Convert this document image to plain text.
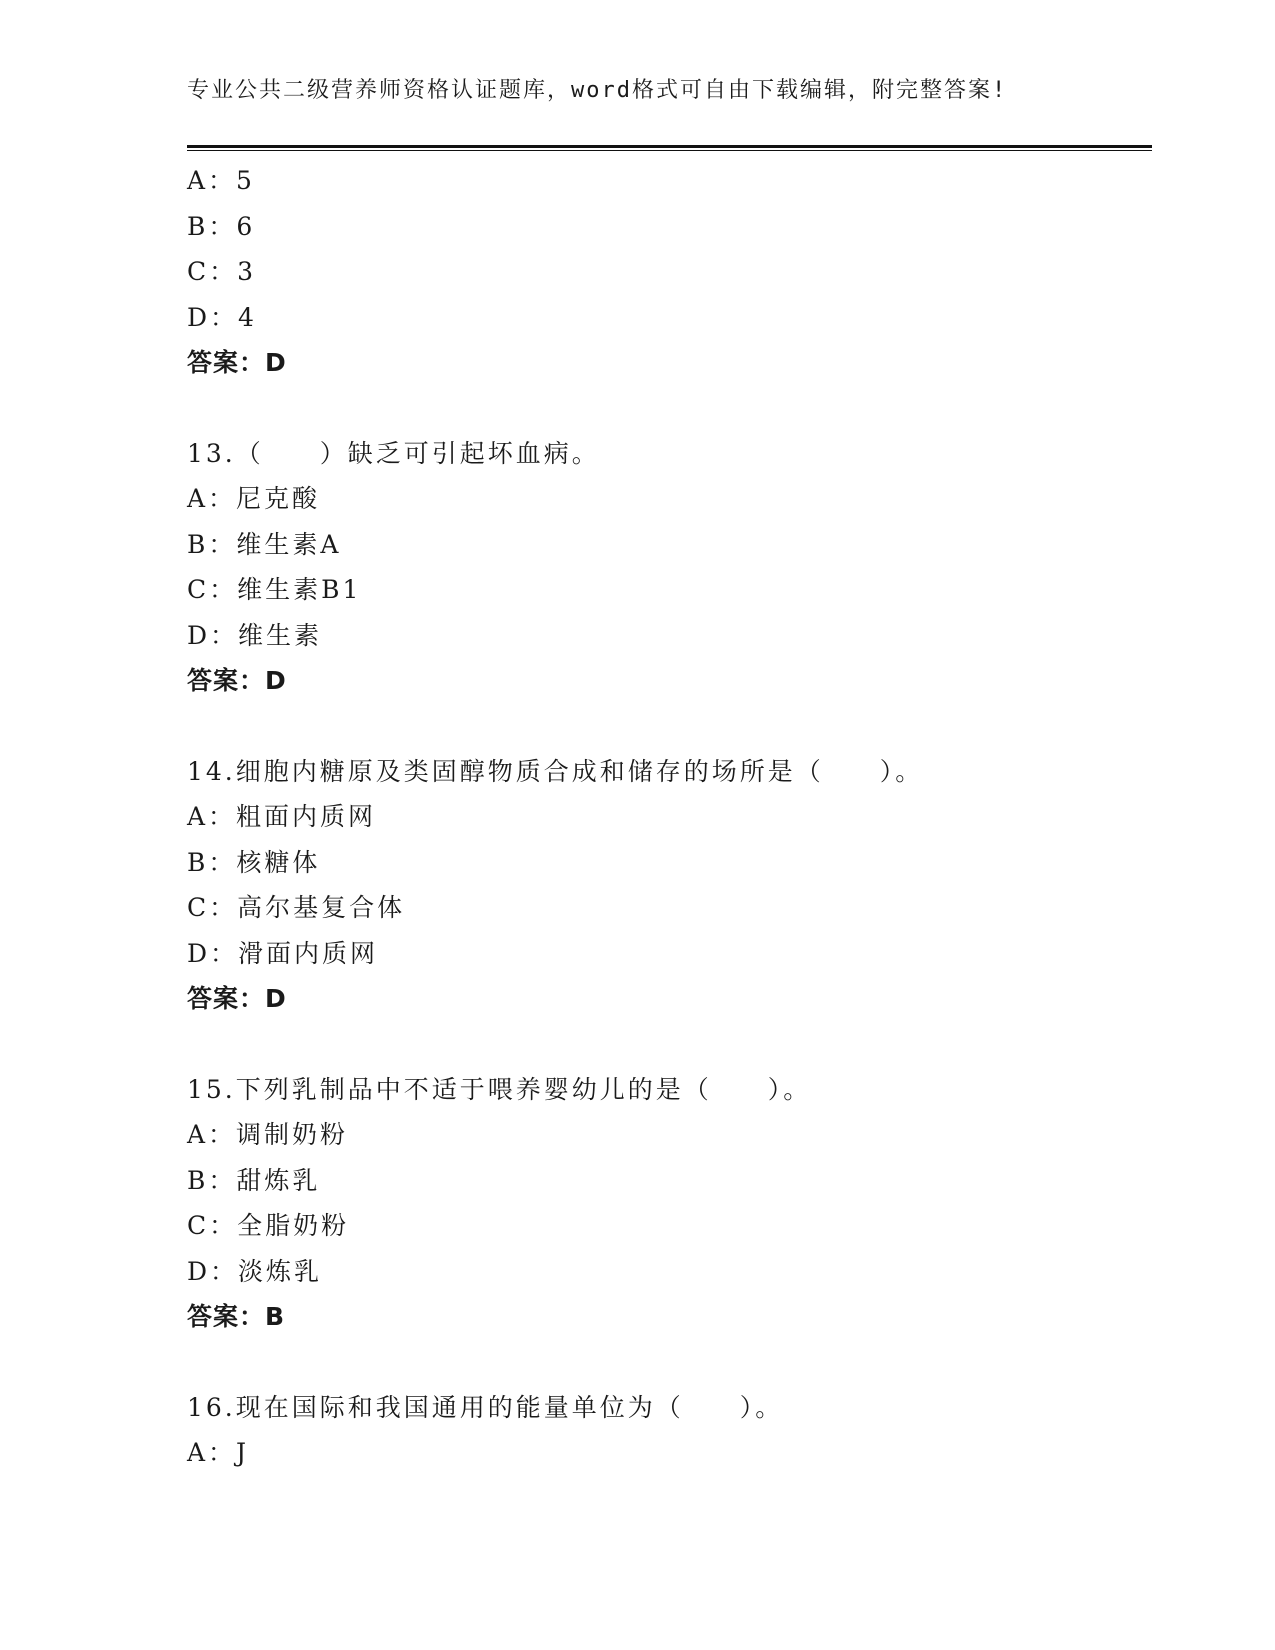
专业公共二级营养师资格认证题库，word格式可自由下载编辑，附完整答案!
A：5
B：6
C：3
D：4
答案：D
13.（　　）缺乏可引起坏血病。
A：尼克酸
B：维生素A
C：维生素B1
D：维生素
答案：D
14.细胞内糖原及类固醇物质合成和储存的场所是（　　）。
A：粗面内质网
B：核糖体
C：高尔基复合体
D：滑面内质网
答案：D
15.下列乳制品中不适于喂养婴幼儿的是（　　）。
A：调制奶粉
B：甜炼乳
C：全脂奶粉
D：淡炼乳
答案：B
16.现在国际和我国通用的能量单位为（　　）。
A：J
